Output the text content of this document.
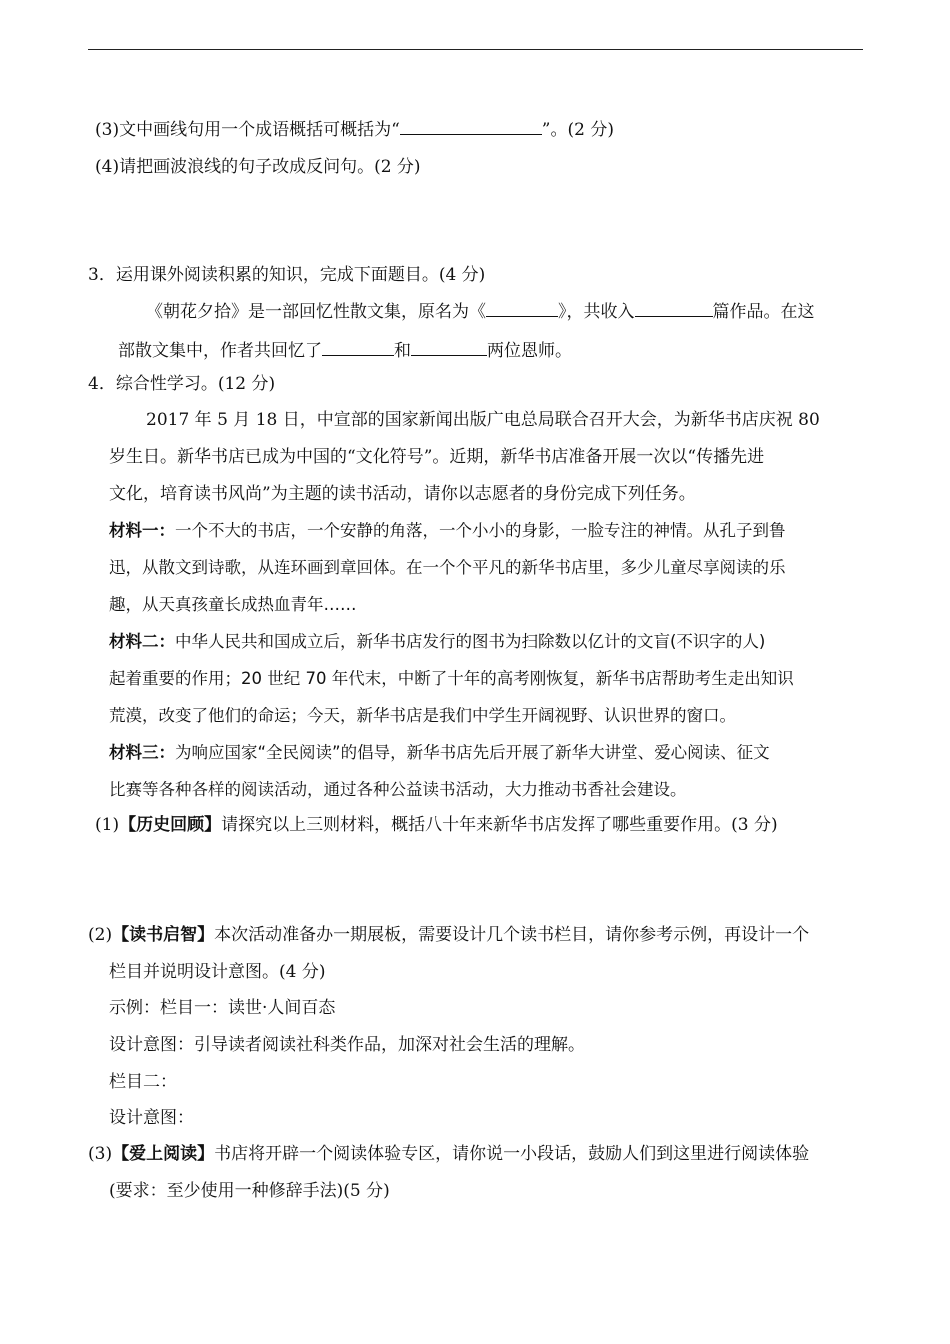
(3)文中画线句用一个成语概括可概括为“	”。(2 分)
(4)请把画波浪线的句子改成反问句。(2 分)
3．运用课外阅读积累的知识，完成下面题目。(4 分)
《朝花夕拾》是一部回忆性散文集，原名为《	》，共收入	篇作品。在这
部散文集中，作者共回忆了	和	两位恩师。
4．综合性学习。(12 分)
2017 年 5 月 18 日，中宣部的国家新闻出版广电总局联合召开大会，为新华书店庆祝 80
岁生日。新华书店已成为中国的“文化符号”。近期，新华书店准备开展一次以“传播先进
文化，培育读书风尚”为主题的读书活动，请你以志愿者的身份完成下列任务。
材料一：一个不大的书店，一个安静的角落，一个小小的身影，一脸专注的神情。从孔子到鲁
迅，从散文到诗歌，从连环画到章回体。在一个个平凡的新华书店里，多少儿童尽享阅读的乐
趣，从天真孩童长成热血青年……
材料二：中华人民共和国成立后，新华书店发行的图书为扫除数以亿计的文盲(不识字的人)
起着重要的作用；20 世纪 70 年代末，中断了十年的高考刚恢复，新华书店帮助考生走出知识
荒漠，改变了他们的命运；今天，新华书店是我们中学生开阔视野、认识世界的窗口。
材料三：为响应国家“全民阅读”的倡导，新华书店先后开展了新华大讲堂、爱心阅读、征文
比赛等各种各样的阅读活动，通过各种公益读书活动，大力推动书香社会建设。
(1)【历史回顾】请探究以上三则材料，概括八十年来新华书店发挥了哪些重要作用。(3 分)
(2)【读书启智】本次活动准备办一期展板，需要设计几个读书栏目，请你参考示例，再设计一个
栏目并说明设计意图。(4 分)
示例：栏目一：读世·人间百态
设计意图：引导读者阅读社科类作品，加深对社会生活的理解。
栏目二：
设计意图：
(3)【爱上阅读】书店将开辟一个阅读体验专区，请你说一小段话，鼓励人们到这里进行阅读体验
(要求：至少使用一种修辞手法)(5 分)
